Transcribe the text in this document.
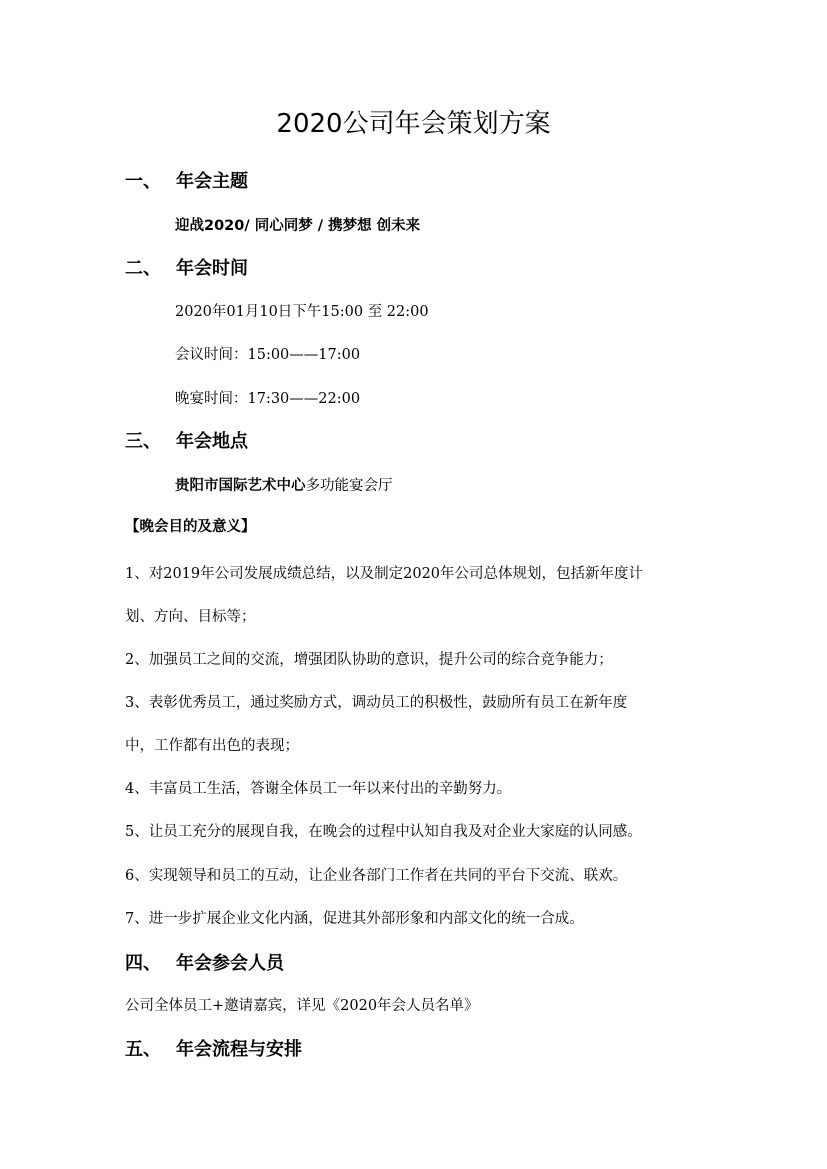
2020公司年会策划方案
一、 年会主题
迎战2020/ 同心同梦 / 携梦想 创未来
二、 年会时间
2020年01月10日下午15:00 至 22:00
会议时间：15:00——17:00
晚宴时间：17:30——22:00
三、 年会地点
贵阳市国际艺术中心多功能宴会厅
【晚会目的及意义】
1、对2019年公司发展成绩总结，以及制定2020年公司总体规划，包括新年度计
划、方向、目标等；
2、加强员工之间的交流，增强团队协助的意识，提升公司的综合竞争能力；
3、表彰优秀员工，通过奖励方式，调动员工的积极性，鼓励所有员工在新年度
中，工作都有出色的表现；
4、丰富员工生活，答谢全体员工一年以来付出的辛勤努力。
5、让员工充分的展现自我，在晚会的过程中认知自我及对企业大家庭的认同感。
6、实现领导和员工的互动，让企业各部门工作者在共同的平台下交流、联欢。
7、进一步扩展企业文化内涵，促进其外部形象和内部文化的统一合成。
四、 年会参会人员
公司全体员工+邀请嘉宾，详见《2020年会人员名单》
五、 年会流程与安排
